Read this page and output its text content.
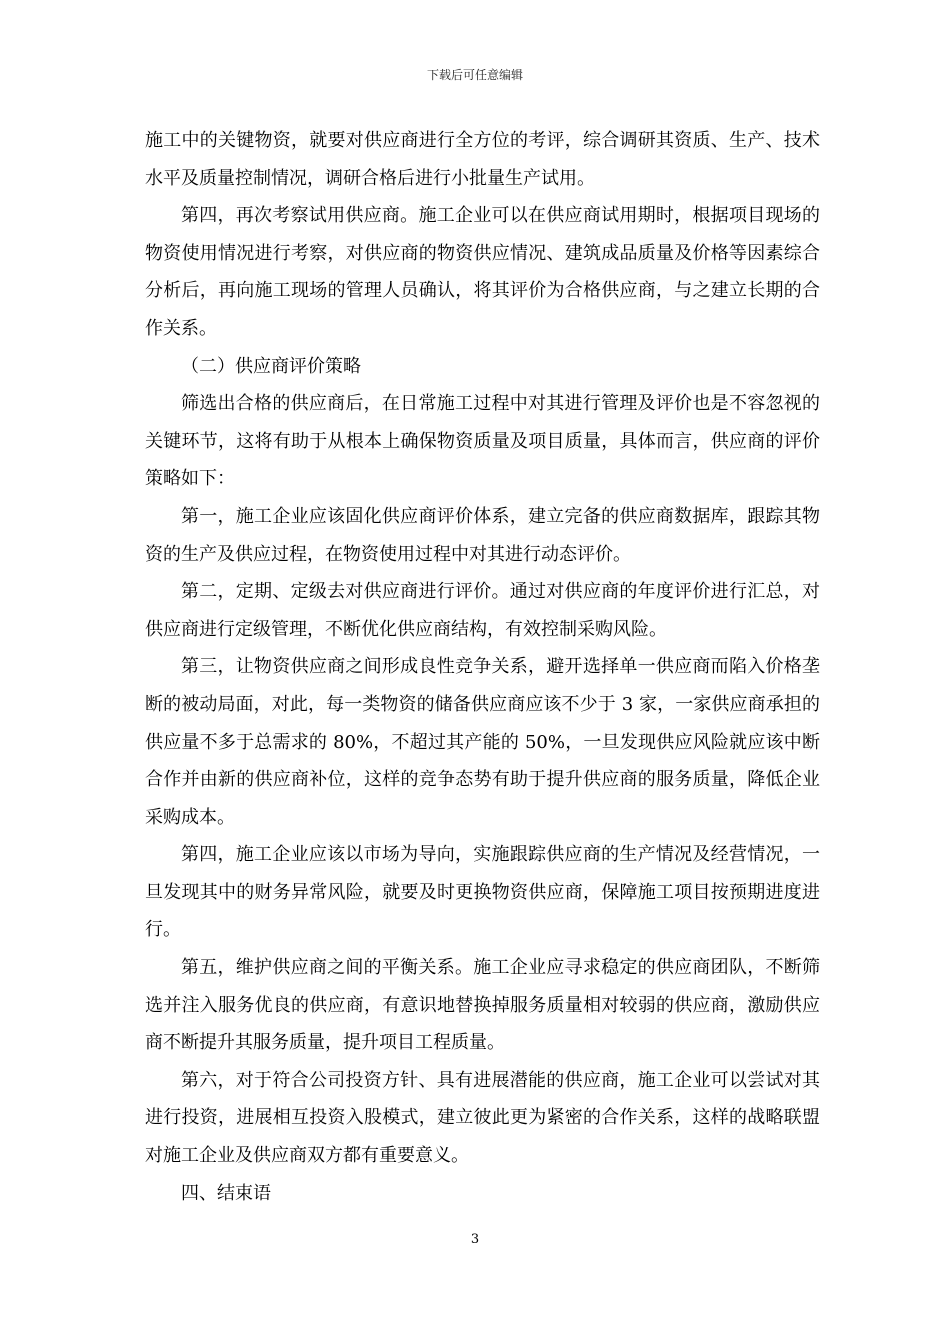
下载后可任意编辑

施工中的关键物资，就要对供应商进行全方位的考评，综合调研其资质、生产、技术水平及质量控制情况，调研合格后进行小批量生产试用。

第四，再次考察试用供应商。施工企业可以在供应商试用期时，根据项目现场的物资使用情况进行考察，对供应商的物资供应情况、建筑成品质量及价格等因素综合分析后，再向施工现场的管理人员确认，将其评价为合格供应商，与之建立长期的合作关系。

（二）供应商评价策略

筛选出合格的供应商后，在日常施工过程中对其进行管理及评价也是不容忽视的关键环节，这将有助于从根本上确保物资质量及项目质量，具体而言，供应商的评价策略如下：

第一，施工企业应该固化供应商评价体系，建立完备的供应商数据库，跟踪其物资的生产及供应过程，在物资使用过程中对其进行动态评价。

第二，定期、定级去对供应商进行评价。通过对供应商的年度评价进行汇总，对供应商进行定级管理，不断优化供应商结构，有效控制采购风险。

第三，让物资供应商之间形成良性竞争关系，避开选择单一供应商而陷入价格垄断的被动局面，对此，每一类物资的储备供应商应该不少于 3 家，一家供应商承担的供应量不多于总需求的 80%，不超过其产能的 50%，一旦发现供应风险就应该中断合作并由新的供应商补位，这样的竞争态势有助于提升供应商的服务质量，降低企业采购成本。

第四，施工企业应该以市场为导向，实施跟踪供应商的生产情况及经营情况，一旦发现其中的财务异常风险，就要及时更换物资供应商，保障施工项目按预期进度进行。

第五，维护供应商之间的平衡关系。施工企业应寻求稳定的供应商团队，不断筛选并注入服务优良的供应商，有意识地替换掉服务质量相对较弱的供应商，激励供应商不断提升其服务质量，提升项目工程质量。

第六，对于符合公司投资方针、具有进展潜能的供应商，施工企业可以尝试对其进行投资，进展相互投资入股模式，建立彼此更为紧密的合作关系，这样的战略联盟对施工企业及供应商双方都有重要意义。

四、结束语

3
